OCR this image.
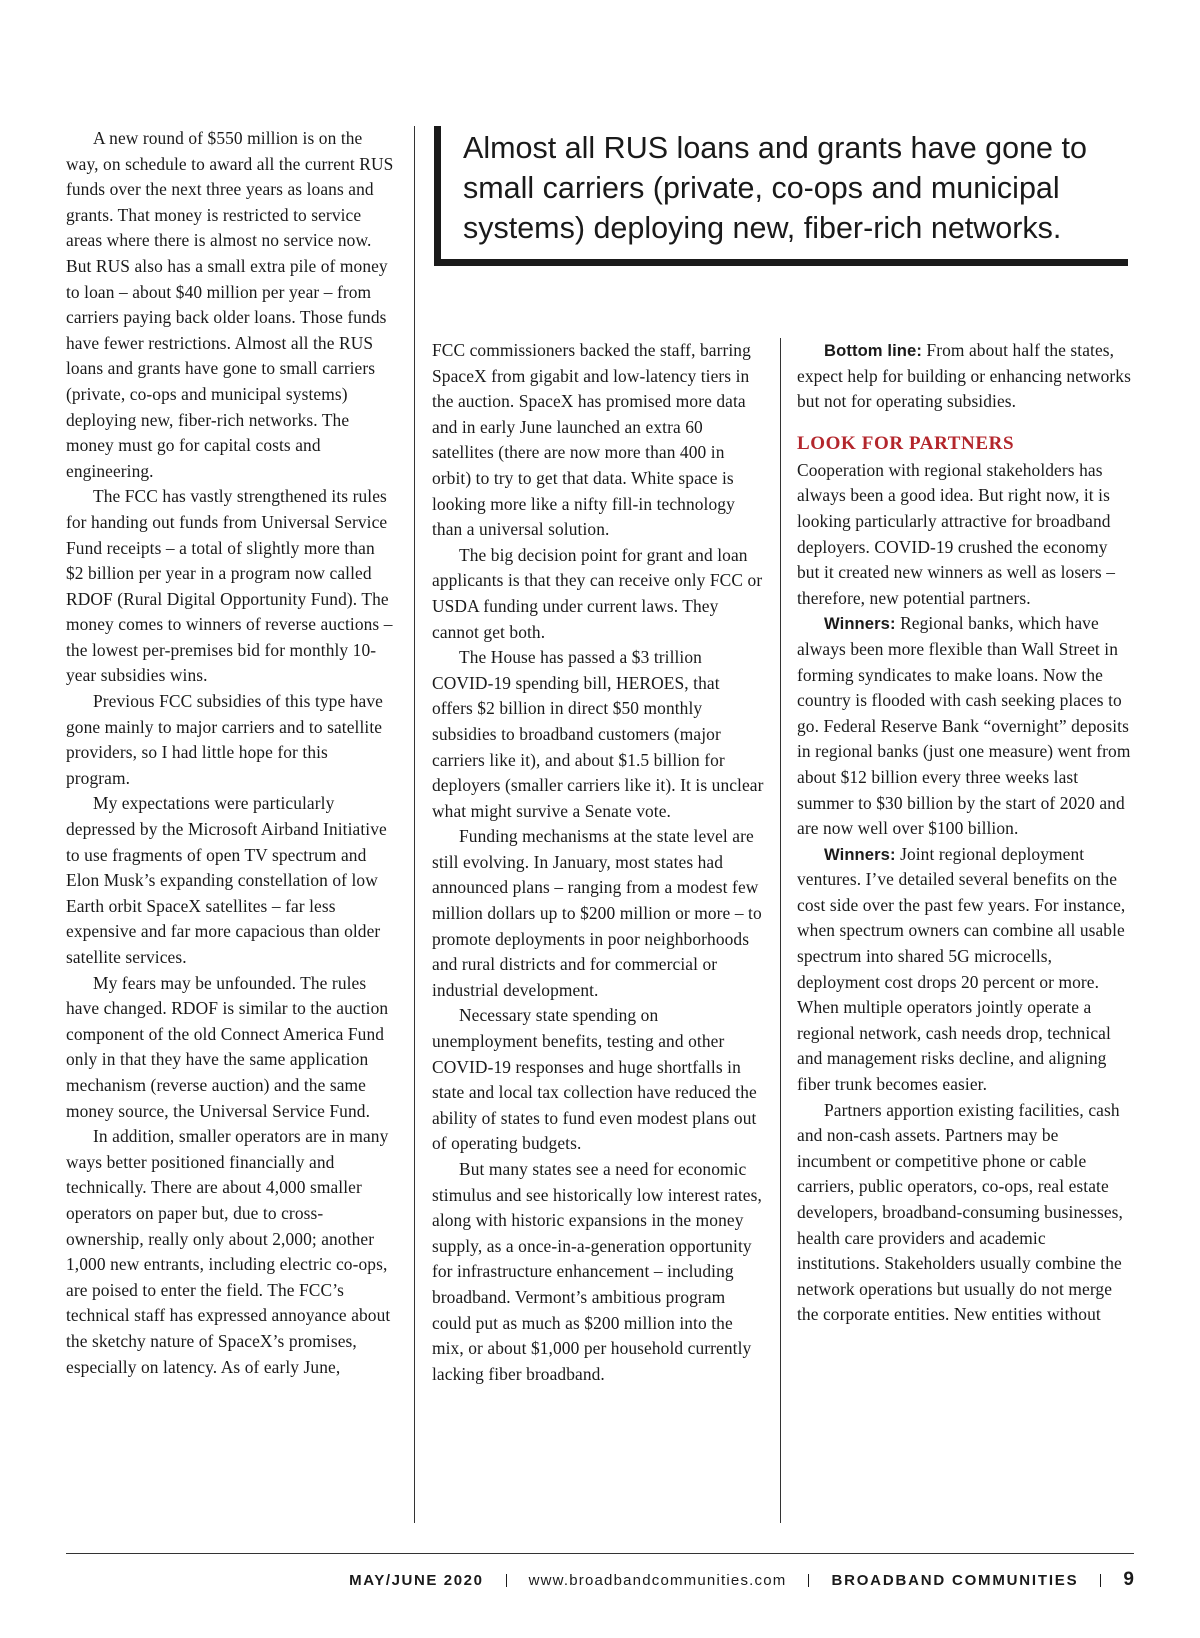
A new round of $550 million is on the way, on schedule to award all the current RUS funds over the next three years as loans and grants. That money is restricted to service areas where there is almost no service now. But RUS also has a small extra pile of money to loan – about $40 million per year – from carriers paying back older loans. Those funds have fewer restrictions. Almost all the RUS loans and grants have gone to small carriers (private, co-ops and municipal systems) deploying new, fiber-rich networks. The money must go for capital costs and engineering.

The FCC has vastly strengthened its rules for handing out funds from Universal Service Fund receipts – a total of slightly more than $2 billion per year in a program now called RDOF (Rural Digital Opportunity Fund). The money comes to winners of reverse auctions – the lowest per-premises bid for monthly 10-year subsidies wins.

Previous FCC subsidies of this type have gone mainly to major carriers and to satellite providers, so I had little hope for this program.

My expectations were particularly depressed by the Microsoft Airband Initiative to use fragments of open TV spectrum and Elon Musk’s expanding constellation of low Earth orbit SpaceX satellites – far less expensive and far more capacious than older satellite services.

My fears may be unfounded. The rules have changed. RDOF is similar to the auction component of the old Connect America Fund only in that they have the same application mechanism (reverse auction) and the same money source, the Universal Service Fund.

In addition, smaller operators are in many ways better positioned financially and technically. There are about 4,000 smaller operators on paper but, due to cross-ownership, really only about 2,000; another 1,000 new entrants, including electric co-ops, are poised to enter the field. The FCC’s technical staff has expressed annoyance about the sketchy nature of SpaceX’s promises, especially on latency. As of early June,

Almost all RUS loans and grants have gone to small carriers (private, co-ops and municipal systems) deploying new, fiber-rich networks.

FCC commissioners backed the staff, barring SpaceX from gigabit and low-latency tiers in the auction. SpaceX has promised more data and in early June launched an extra 60 satellites (there are now more than 400 in orbit) to try to get that data. White space is looking more like a nifty fill-in technology than a universal solution.

The big decision point for grant and loan applicants is that they can receive only FCC or USDA funding under current laws. They cannot get both.

The House has passed a $3 trillion COVID-19 spending bill, HEROES, that offers $2 billion in direct $50 monthly subsidies to broadband customers (major carriers like it), and about $1.5 billion for deployers (smaller carriers like it). It is unclear what might survive a Senate vote.

Funding mechanisms at the state level are still evolving. In January, most states had announced plans – ranging from a modest few million dollars up to $200 million or more – to promote deployments in poor neighborhoods and rural districts and for commercial or industrial development.

Necessary state spending on unemployment benefits, testing and other COVID-19 responses and huge shortfalls in state and local tax collection have reduced the ability of states to fund even modest plans out of operating budgets.

But many states see a need for economic stimulus and see historically low interest rates, along with historic expansions in the money supply, as a once-in-a-generation opportunity for infrastructure enhancement – including broadband. Vermont’s ambitious program could put as much as $200 million into the mix, or about $1,000 per household currently lacking fiber broadband.

Bottom line: From about half the states, expect help for building or enhancing networks but not for operating subsidies.

LOOK FOR PARTNERS

Cooperation with regional stakeholders has always been a good idea. But right now, it is looking particularly attractive for broadband deployers. COVID-19 crushed the economy but it created new winners as well as losers – therefore, new potential partners.

Winners: Regional banks, which have always been more flexible than Wall Street in forming syndicates to make loans. Now the country is flooded with cash seeking places to go. Federal Reserve Bank “overnight” deposits in regional banks (just one measure) went from about $12 billion every three weeks last summer to $30 billion by the start of 2020 and are now well over $100 billion.

Winners: Joint regional deployment ventures. I’ve detailed several benefits on the cost side over the past few years. For instance, when spectrum owners can combine all usable spectrum into shared 5G microcells, deployment cost drops 20 percent or more. When multiple operators jointly operate a regional network, cash needs drop, technical and management risks decline, and aligning fiber trunk becomes easier.

Partners apportion existing facilities, cash and non-cash assets. Partners may be incumbent or competitive phone or cable carriers, public operators, co-ops, real estate developers, broadband-consuming businesses, health care providers and academic institutions. Stakeholders usually combine the network operations but usually do not merge the corporate entities. New entities without

MAY/JUNE 2020	www.broadbandcommunities.com	BROADBAND COMMUNITIES 9
